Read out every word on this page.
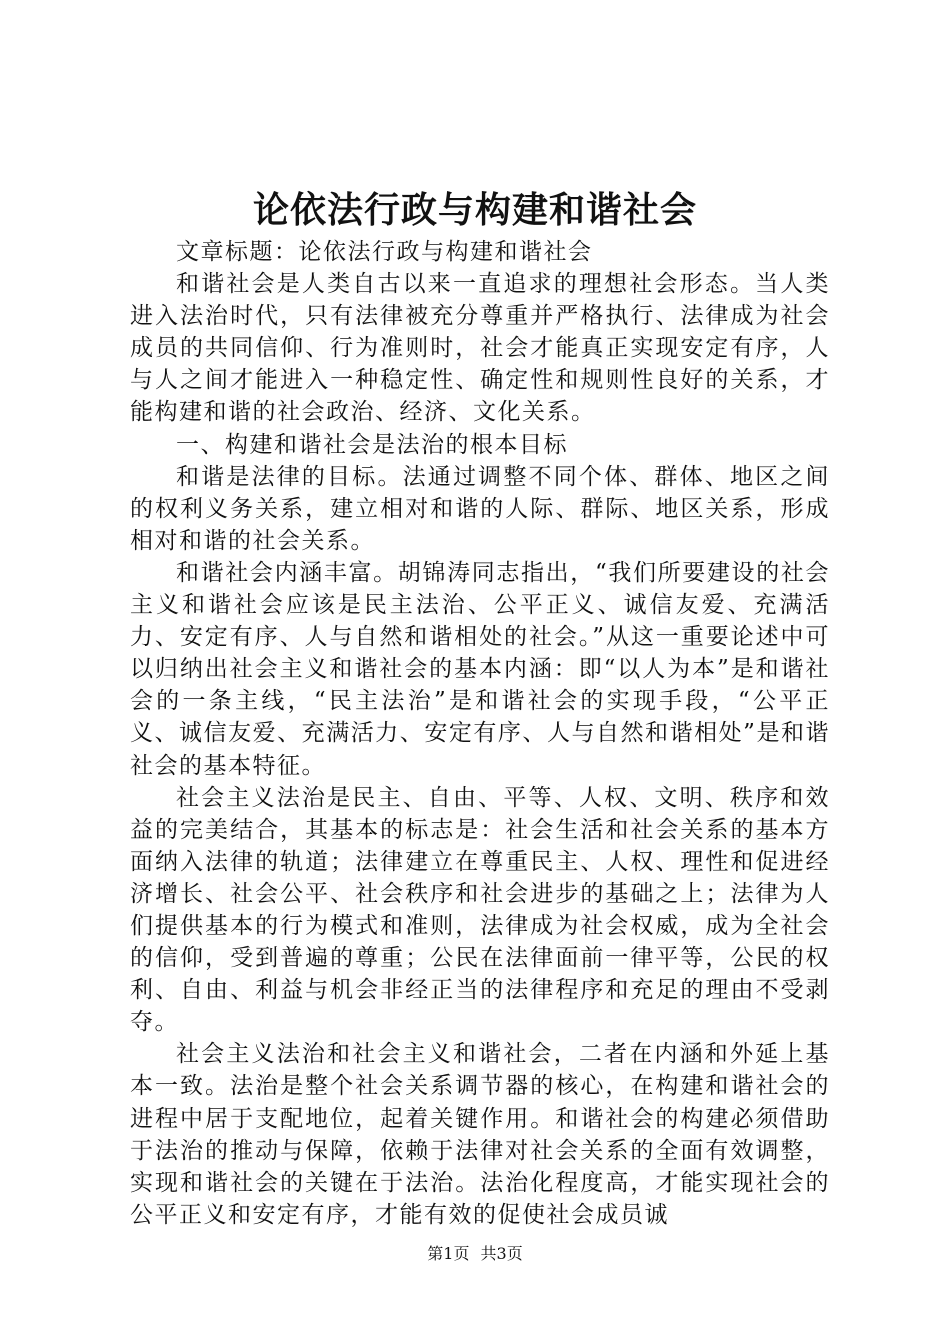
论依法行政与构建和谐社会

文章标题：论依法行政与构建和谐社会

和谐社会是人类自古以来一直追求的理想社会形态。当人类进入法治时代，只有法律被充分尊重并严格执行、法律成为社会成员的共同信仰、行为准则时，社会才能真正实现安定有序，人与人之间才能进入一种稳定性、确定性和规则性良好的关系，才能构建和谐的社会政治、经济、文化关系。

一、构建和谐社会是法治的根本目标

和谐是法律的目标。法通过调整不同个体、群体、地区之间的权利义务关系，建立相对和谐的人际、群际、地区关系，形成相对和谐的社会关系。

和谐社会内涵丰富。胡锦涛同志指出，“我们所要建设的社会主义和谐社会应该是民主法治、公平正义、诚信友爱、充满活力、安定有序、人与自然和谐相处的社会。”从这一重要论述中可以归纳出社会主义和谐社会的基本内涵：即“以人为本”是和谐社会的一条主线，“民主法治”是和谐社会的实现手段，“公平正义、诚信友爱、充满活力、安定有序、人与自然和谐相处”是和谐社会的基本特征。

社会主义法治是民主、自由、平等、人权、文明、秩序和效益的完美结合，其基本的标志是：社会生活和社会关系的基本方面纳入法律的轨道；法律建立在尊重民主、人权、理性和促进经济增长、社会公平、社会秩序和社会进步的基础之上；法律为人们提供基本的行为模式和准则，法律成为社会权威，成为全社会的信仰，受到普遍的尊重；公民在法律面前一律平等，公民的权利、自由、利益与机会非经正当的法律程序和充足的理由不受剥夺。

社会主义法治和社会主义和谐社会，二者在内涵和外延上基本一致。法治是整个社会关系调节器的核心，在构建和谐社会的进程中居于支配地位，起着关键作用。和谐社会的构建必须借助于法治的推动与保障，依赖于法律对社会关系的全面有效调整，实现和谐社会的关键在于法治。法治化程度高，才能实现社会的公平正义和安定有序，才能有效的促使社会成员诚

第1页 共3页
